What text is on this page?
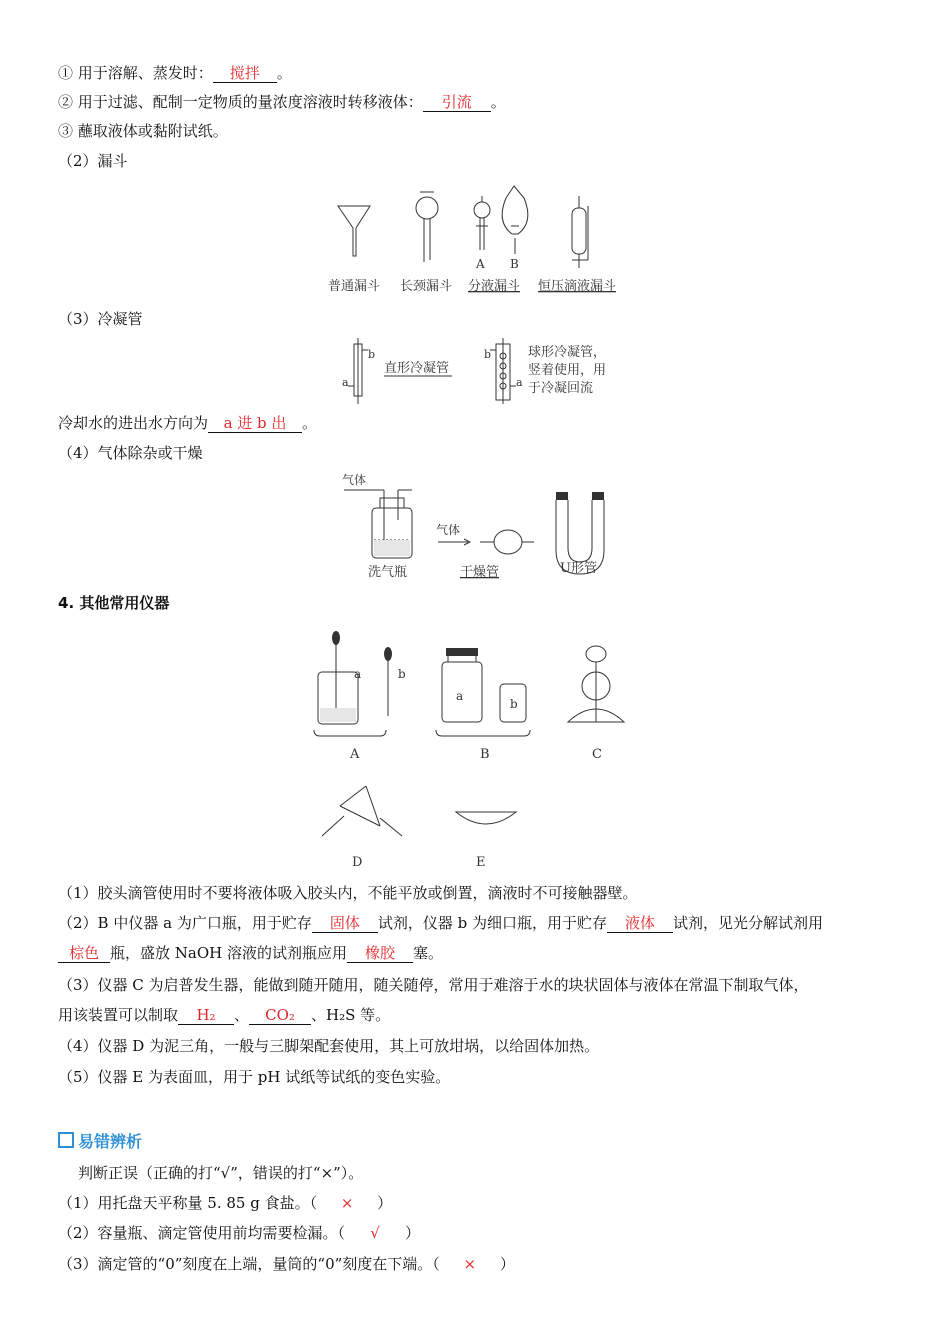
① 用于溶解、蒸发时： 搅拌 。
② 用于过滤、配制一定物质的量浓度溶液时转移液体： 引流 。
③ 蘸取液体或黏附试纸。
（2）漏斗
A B
普通漏斗 长颈漏斗 分液漏斗 恒压滴液漏斗
（3）冷凝管
b
a
b
a
直形冷凝管
球形冷凝管，
竖着使用，用
于冷凝回流
冷却水的进出水方向为 a 进 b 出 。
（4）气体除杂或干燥
气体
气体
洗气瓶	干燥管	U形管
4. 其他常用仪器
a	b
a
b
A	B	C
D	E
（1）胶头滴管使用时不要将液体吸入胶头内，不能平放或倒置，滴液时不可接触器壁。
（2）B 中仪器 a 为广口瓶，用于贮存 固体 试剂，仪器 b 为细口瓶，用于贮存 液体 试剂，见光分解试剂用
棕色 瓶，盛放 NaOH 溶液的试剂瓶应用 橡胶 塞。
（3）仪器 C 为启普发生器，能做到随开随用，随关随停，常用于难溶于水的块状固体与液体在常温下制取气体，
用该装置可以制取 H₂ 、 CO₂ 、H₂S 等。
（4）仪器 D 为泥三角，一般与三脚架配套使用，其上可放坩埚，以给固体加热。
（5）仪器 E 为表面皿，用于 pH 试纸等试纸的变色实验。
易错辨析
判断正误（正确的打“√”，错误的打“×”）。
（1）用托盘天平称量 5. 85 g 食盐。（ × ）
（2）容量瓶、滴定管使用前均需要检漏。（ √ ）
（3）滴定管的“0”刻度在上端，量筒的“0”刻度在下端。（ × ）
